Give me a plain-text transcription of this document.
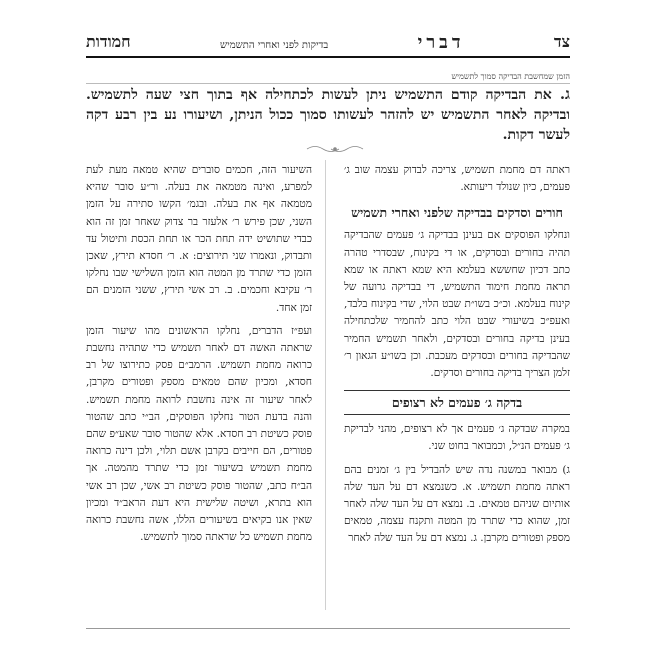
צד
דברי
בדיקות לפני ואחרי התשמיש
חמודות
הזמן שמחשבת הבדיקה סמוך לתשמיש
ג. את הבדיקה קודם התשמיש ניתן לעשות לכתחילה אף בתוך חצי שעה לתשמיש. ובדיקה לאחר התשמיש יש להזהר לעשותו סמוך ככול הניתן, ושיעורו נע בין רבע דקה לעשר דקות.

ראתה דם מחמת תשמיש, צריכה לבדוק עצמה שוב ג׳ פעמים, כיון שנולד ריעותא.

חורים וסדקים בבדיקה שלפני ואחרי תשמיש

ונחלקו הפוסקים אם בעינן בבדיקה ג׳ פעמים שהבדיקה תהיה בחורים ובסדקים, או די בקינוח, שבסדרי טהרה כתב דכיון שחששא בעלמא היא שמא ראתה או שמא תראה מחמת חימוד התשמיש, די בבדיקה גרועה של קינוח בעלמא. וכ״כ בשו״ת שבט הלוי, שדי בקינוח בלבד, ואעפ״כ בשיעורי שבט הלוי כתב להחמיר שלכתחילה בעינן בדיקה בחורים ובסדקים, ולאחר תשמיש החמיר שהבדיקה בחורים ובסדקים מעכבת. וכן בשו״ע הגאון ר׳ זלמן הצריך בדיקה בחורים וסדקים.

בדקה ג׳ פעמים לא רצופים

במקרה שבדקה ג׳ פעמים אך לא רצופים, מהני לבדיקת ג׳ פעמים הנ״ל, וכמבואר בחוט שני.

ג) מבואר במשנה נדה שיש להבדיל בין ג׳ זמנים בהם ראתה מחמת תשמיש. א. כשנמצא דם על העד שלה אותיום שניהם טמאים. ב. נמצא דם על העד שלה לאחר זמן, שהוא כדי שתרד מן המטה ותקנח עצמה, טמאים מספק ופטורים מקרבן. ג. נמצא דם על העד שלה לאחר

השיעור הזה, חכמים סוברים שהיא טמאה מעת לעת למפרע, ואינה מטמאה את בעלה. ור״ע סובר שהיא מטמאה אף את בעלה. ובגמ׳ הקשו סתירה על הזמן השני, שכן פירש ר׳ אלעזר בר צדוק שאחר זמן זה הוא כבדי שתושיט ידה תחת הכר או תחת הכסת ותיטול עד ותבדוק, ונאמרו שני תירוצים: א. ר׳ חסדא תירץ, שאכן הזמן כדי שתרד מן המטה הוא הזמן השלישי שבו נחלקו ר׳ עקיבא וחכמים. ב. רב אשי תירץ, ששני הזמנים הם זמן אחד.

ועפ״ז הדברים, נחלקו הראשונים מהו שיעור הזמן שראתה האשה דם לאחר תשמיש כדי שתהיה נחשבת כרואה מחמת תשמיש. הרמב״ם פסק כתירוצו של רב חסדא, ומכיון שהם טמאים מספק ופטורים מקרבן, לאחר שיעור זה אינה נחשבת לרואה מחמת תשמיש. והנה בדעת הטור נחלקו הפוסקים, הב״י כתב שהטור פוסק כשיטת רב חסדא. אלא שהטור סובר שאע״פ שהם פטורים, הם חייבים בקרבן אשם תלוי, ולכן דינה כרואה מחמת תשמיש בשיעור זמן כדי שתרד מהמטה. אך הב״ח כתב, שהטור פוסק כשיטת רב אשי, שכן רב אשי הוא בתרא, ושיטה שלישית היא דעת הראב״ד ומכיון שאין אנו בקיאים בשיעורים הללו, אשה נחשבת כרואה מחמת תשמיש כל שראתה סמוך לתשמיש.
